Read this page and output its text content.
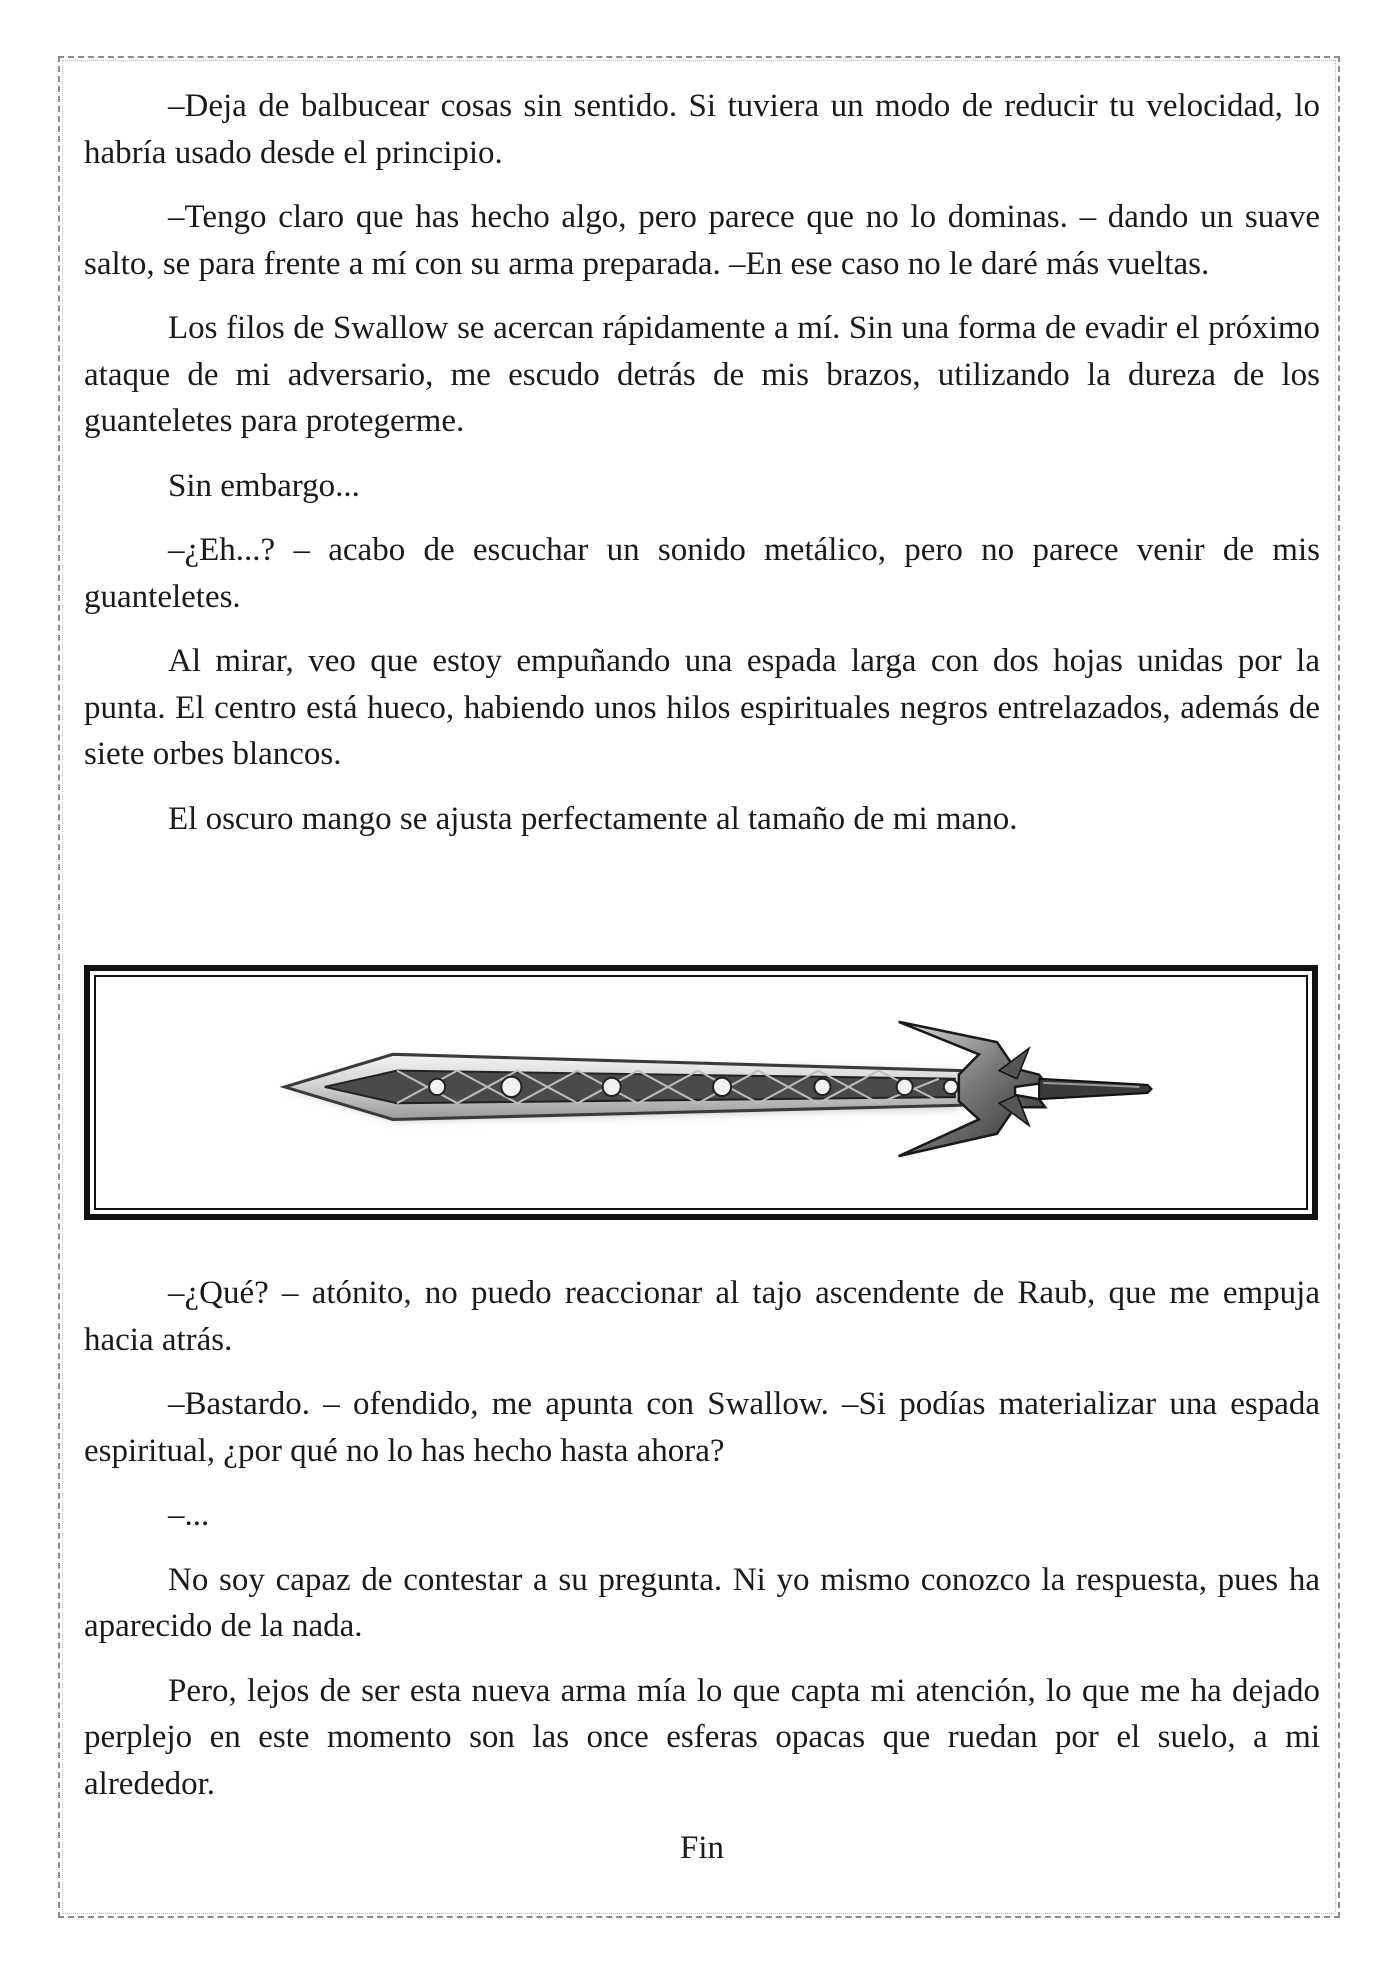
–Deja de balbucear cosas sin sentido. Si tuviera un modo de reducir tu velocidad, lo habría usado desde el principio.

–Tengo claro que has hecho algo, pero parece que no lo dominas. – dando un suave salto, se para frente a mí con su arma preparada. –En ese caso no le daré más vueltas.

Los filos de Swallow se acercan rápidamente a mí. Sin una forma de evadir el próximo ataque de mi adversario, me escudo detrás de mis brazos, utilizando la dureza de los guanteletes para protegerme.

Sin embargo...

–¿Eh...? – acabo de escuchar un sonido metálico, pero no parece venir de mis guanteletes.

Al mirar, veo que estoy empuñando una espada larga con dos hojas unidas por la punta. El centro está hueco, habiendo unos hilos espirituales negros entrelazados, además de siete orbes blancos.

El oscuro mango se ajusta perfectamente al tamaño de mi mano.

–¿Qué? – atónito, no puedo reaccionar al tajo ascendente de Raub, que me empuja hacia atrás.

–Bastardo. – ofendido, me apunta con Swallow. –Si podías materializar una espada espiritual, ¿por qué no lo has hecho hasta ahora?

–...

No soy capaz de contestar a su pregunta. Ni yo mismo conozco la respuesta, pues ha aparecido de la nada.

Pero, lejos de ser esta nueva arma mía lo que capta mi atención, lo que me ha dejado perplejo en este momento son las once esferas opacas que ruedan por el suelo, a mi alrededor.

Fin
